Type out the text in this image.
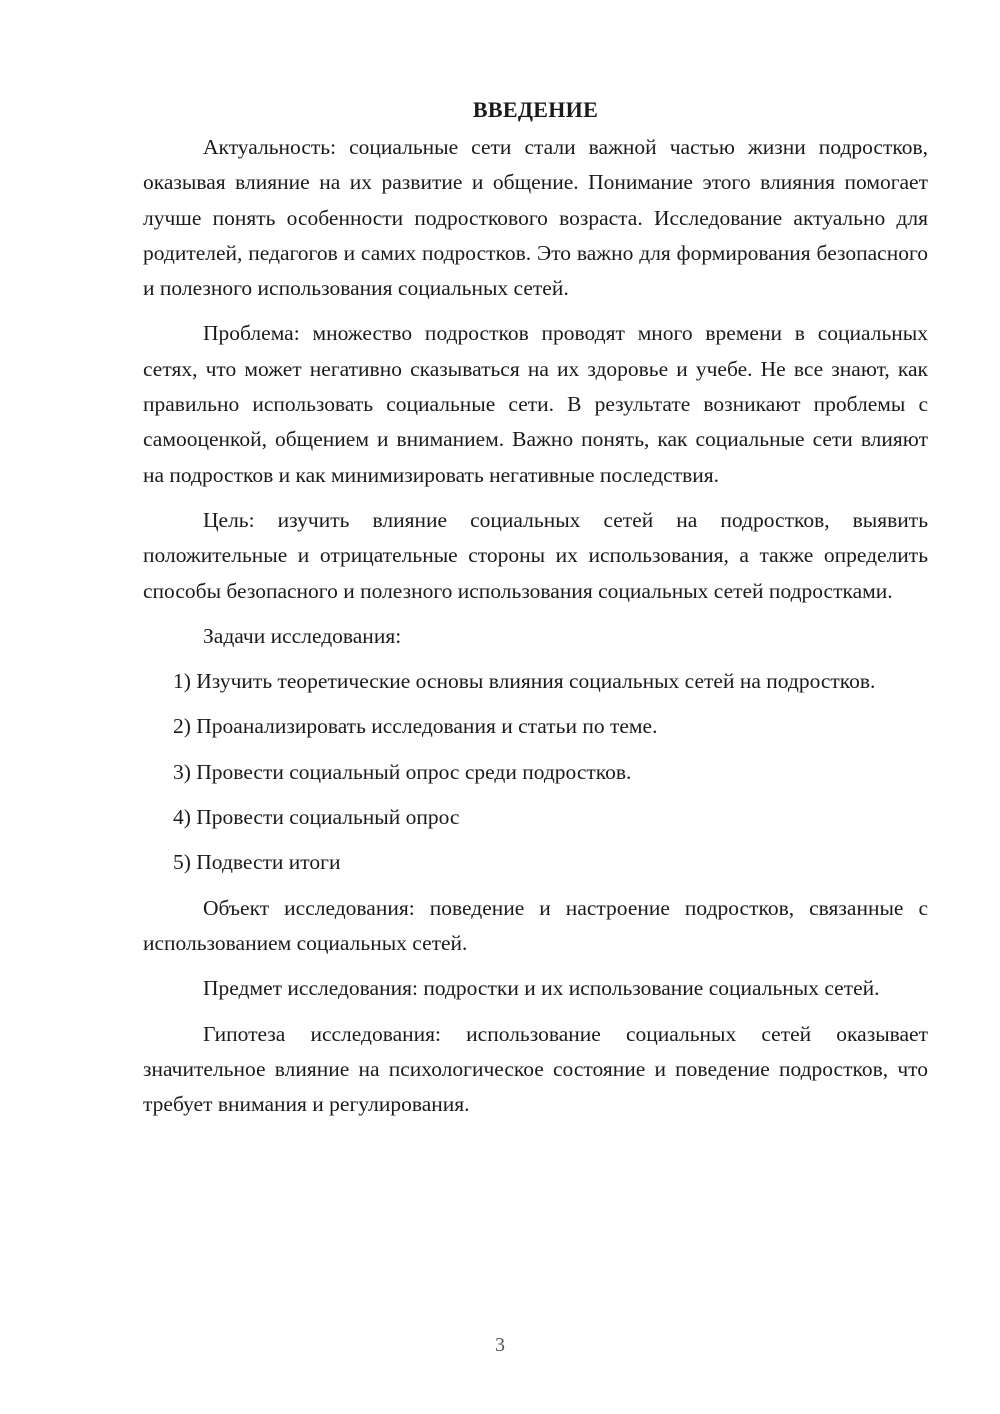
ВВЕДЕНИЕ

Актуальность: социальные сети стали важной частью жизни подростков, оказывая влияние на их развитие и общение. Понимание этого влияния помогает лучше понять особенности подросткового возраста. Исследование актуально для родителей, педагогов и самих подростков. Это важно для формирования безопасного и полезного использования социальных сетей.

Проблема: множество подростков проводят много времени в социальных сетях, что может негативно сказываться на их здоровье и учебе. Не все знают, как правильно использовать социальные сети. В результате возникают проблемы с самооценкой, общением и вниманием. Важно понять, как социальные сети влияют на подростков и как минимизировать негативные последствия.

Цель: изучить влияние социальных сетей на подростков, выявить положительные и отрицательные стороны их использования, а также определить способы безопасного и полезного использования социальных сетей подростками.

Задачи исследования:

1) Изучить теоретические основы влияния социальных сетей на подростков.

2) Проанализировать исследования и статьи по теме.

3) Провести социальный опрос среди подростков.

4) Провести социальный опрос

5) Подвести итоги

Объект исследования: поведение и настроение подростков, связанные с использованием социальных сетей.

Предмет исследования: подростки и их использование социальных сетей.

Гипотеза исследования: использование социальных сетей оказывает значительное влияние на психологическое состояние и поведение подростков, что требует внимания и регулирования.

3
